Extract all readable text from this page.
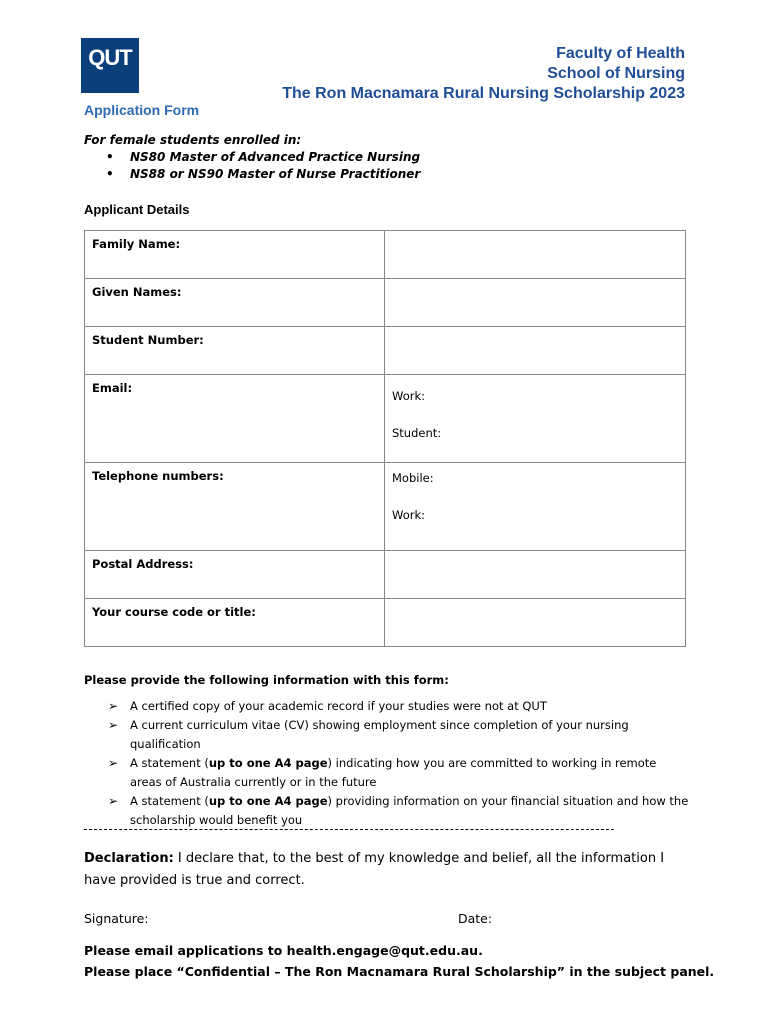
QUT	Faculty of Health
School of Nursing
The Ron Macnamara Rural Nursing Scholarship 2023
Application Form
For female students enrolled in:
• NS80 Master of Advanced Practice Nursing
• NS88 or NS90 Master of Nurse Practitioner
Applicant Details
Family Name:	
Given Names:	
Student Number:	
Email:	Work:
Student:

Telephone numbers:	Mobile:
Work:

Postal Address:	
Your course code or title:	
Please provide the following information with this form:
➢ A certified copy of your academic record if your studies were not at QUT
➢ A current curriculum vitae (CV) showing employment since completion of your nursing qualification
➢ A statement (up to one A4 page) indicating how you are committed to working in remote areas of Australia currently or in the future
➢ A statement (up to one A4 page) providing information on your financial situation and how the scholarship would benefit you
Declaration: I declare that, to the best of my knowledge and belief, all the information I have provided is true and correct.
Signature:	Date:
Please email applications to health.engage@qut.edu.au.
Please place “Confidential – The Ron Macnamara Rural Scholarship” in the subject panel.
